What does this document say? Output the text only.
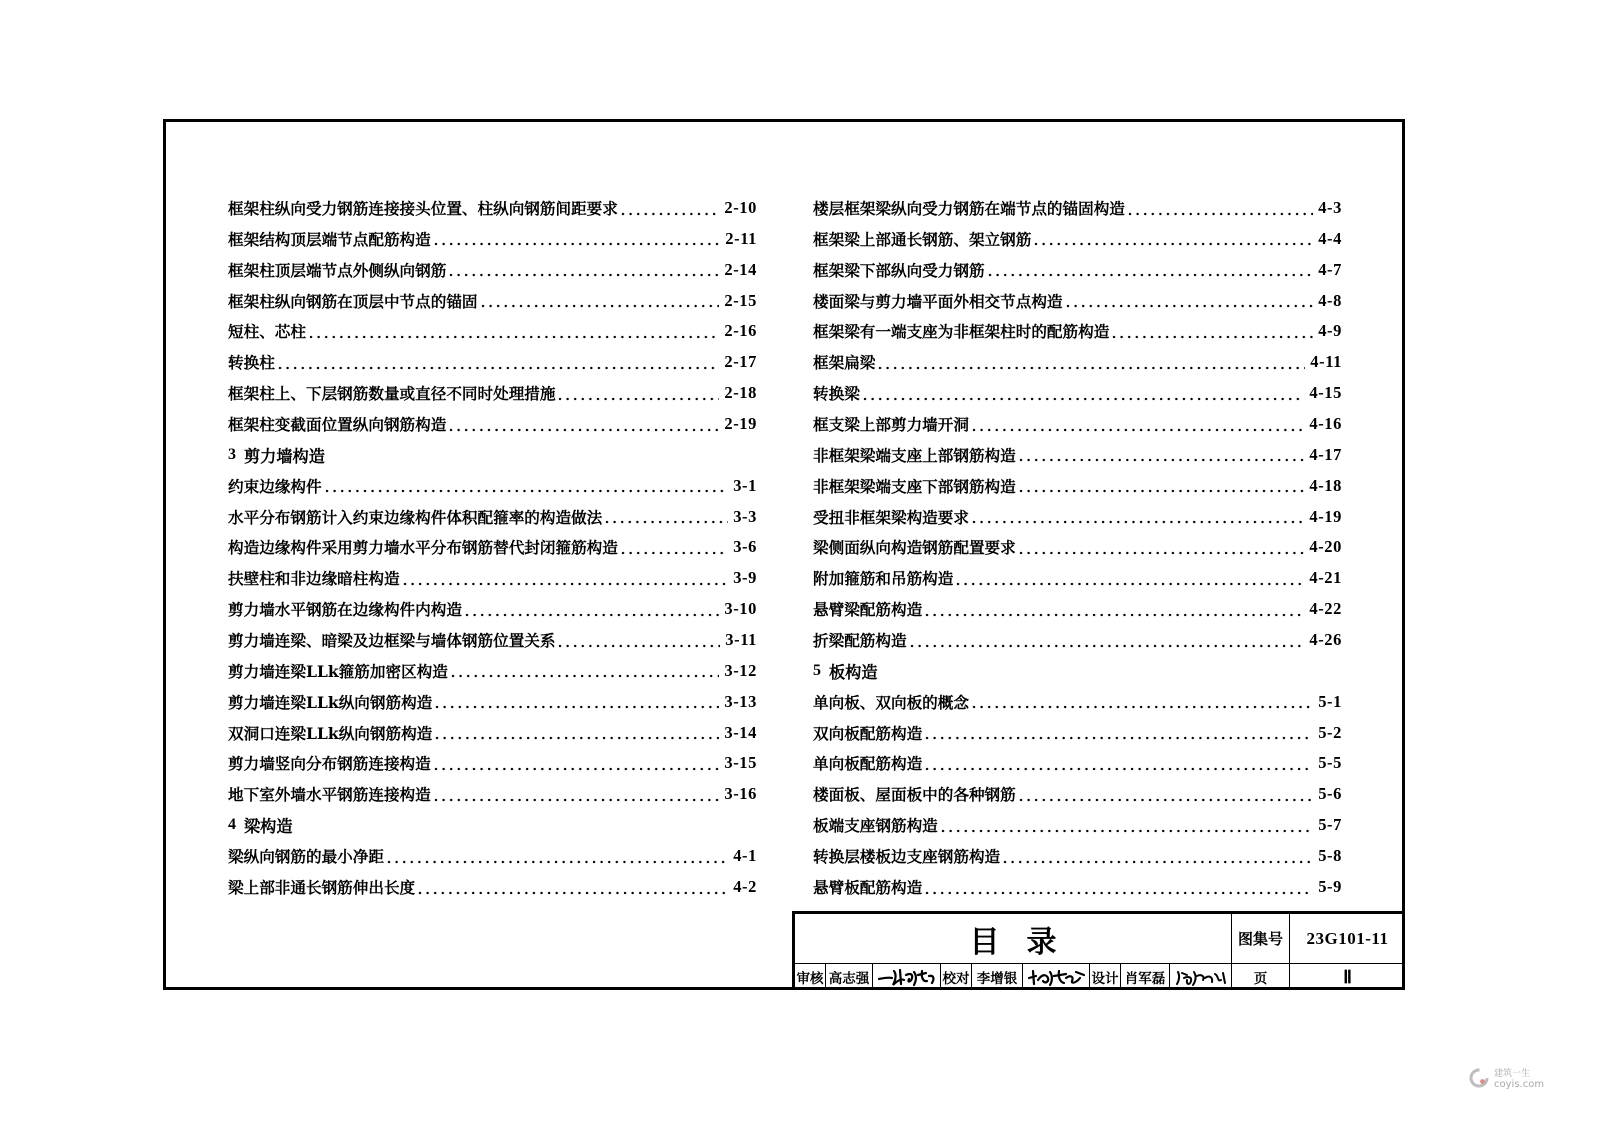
框架柱纵向受力钢筋连接接头位置、柱纵向钢筋间距要求	2-10
框架结构顶层端节点配筋构造	2-11
框架柱顶层端节点外侧纵向钢筋	2-14
框架柱纵向钢筋在顶层中节点的锚固	2-15
短柱、芯柱	2-16
转换柱	2-17
框架柱上、下层钢筋数量或直径不同时处理措施	2-18
框架柱变截面位置纵向钢筋构造	2-19
3 剪力墙构造
约束边缘构件	3-1
水平分布钢筋计入约束边缘构件体积配箍率的构造做法	3-3
构造边缘构件采用剪力墙水平分布钢筋替代封闭箍筋构造	3-6
扶壁柱和非边缘暗柱构造	3-9
剪力墙水平钢筋在边缘构件内构造	3-10
剪力墙连梁、暗梁及边框梁与墙体钢筋位置关系	3-11
剪力墙连梁LLk箍筋加密区构造	3-12
剪力墙连梁LLk纵向钢筋构造	3-13
双洞口连梁LLk纵向钢筋构造	3-14
剪力墙竖向分布钢筋连接构造	3-15
地下室外墙水平钢筋连接构造	3-16
4 梁构造
梁纵向钢筋的最小净距	4-1
梁上部非通长钢筋伸出长度	4-2
楼层框架梁纵向受力钢筋在端节点的锚固构造	4-3
框架梁上部通长钢筋、架立钢筋	4-4
框架梁下部纵向受力钢筋	4-7
楼面梁与剪力墙平面外相交节点构造	4-8
框架梁有一端支座为非框架柱时的配筋构造	4-9
框架扁梁	4-11
转换梁	4-15
框支梁上部剪力墙开洞	4-16
非框架梁端支座上部钢筋构造	4-17
非框架梁端支座下部钢筋构造	4-18
受扭非框架梁构造要求	4-19
梁侧面纵向构造钢筋配置要求	4-20
附加箍筋和吊筋构造	4-21
悬臂梁配筋构造	4-22
折梁配筋构造	4-26
5 板构造
单向板、双向板的概念	5-1
双向板配筋构造	5-2
单向板配筋构造	5-5
楼面板、屋面板中的各种钢筋	5-6
板端支座钢筋构造	5-7
转换层楼板边支座钢筋构造	5-8
悬臂板配筋构造	5-9
目录	图集号	23G101-11
审核 高志强	校对 李增银	设计 肖军磊	页	Ⅱ
建筑一生
coyis.com
